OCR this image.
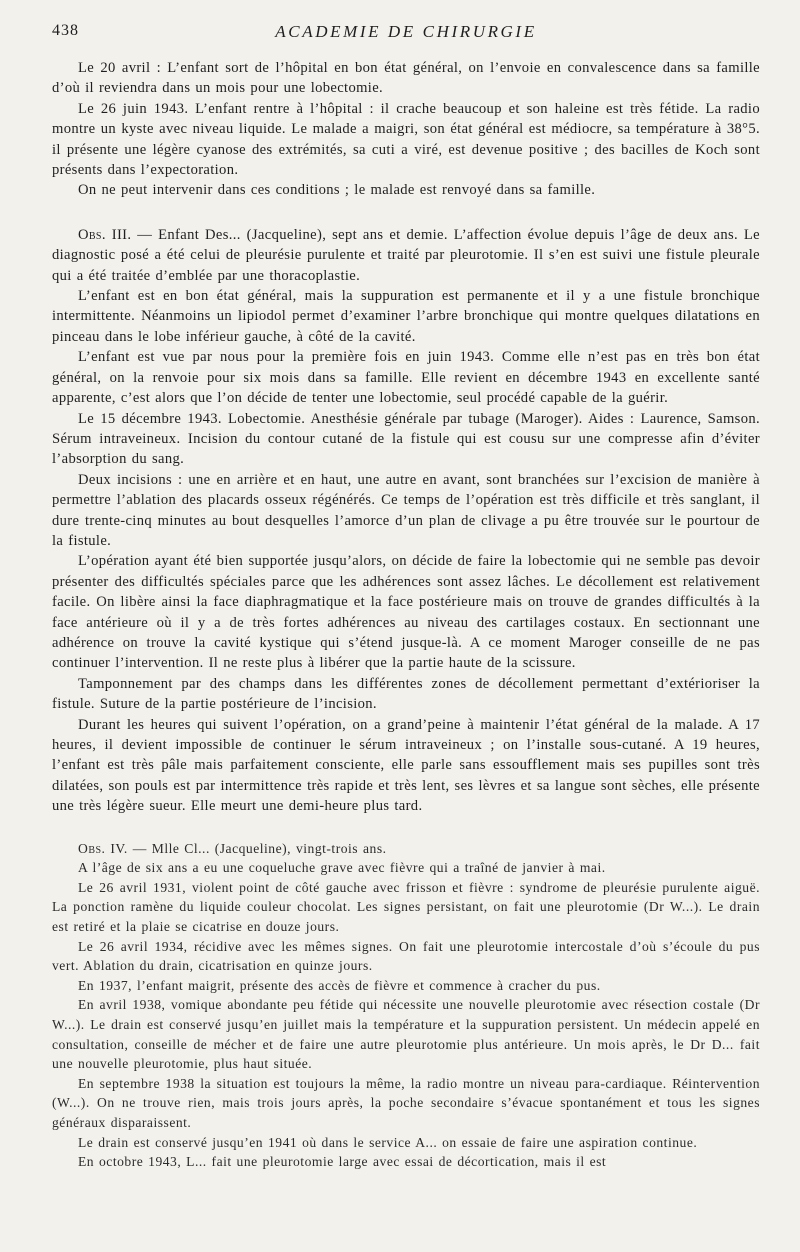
438	ACADEMIE DE CHIRURGIE

Le 20 avril : L’enfant sort de l’hôpital en bon état général, on l’envoie en convalescence dans sa famille d’où il reviendra dans un mois pour une lobectomie.

Le 26 juin 1943. L’enfant rentre à l’hôpital : il crache beaucoup et son haleine est très fétide. La radio montre un kyste avec niveau liquide. Le malade a maigri, son état général est médiocre, sa température à 38°5. il présente une légère cyanose des extrémités, sa cuti a viré, est devenue positive ; des bacilles de Koch sont présents dans l’expectoration.

On ne peut intervenir dans ces conditions ; le malade est renvoyé dans sa famille.

Obs. III. — Enfant Des... (Jacqueline), sept ans et demie. L’affection évolue depuis l’âge de deux ans. Le diagnostic posé a été celui de pleurésie purulente et traité par pleurotomie. Il s’en est suivi une fistule pleurale qui a été traitée d’emblée par une thoracoplastie.

L’enfant est en bon état général, mais la suppuration est permanente et il y a une fistule bronchique intermittente. Néanmoins un lipiodol permet d’examiner l’arbre bronchique qui montre quelques dilatations en pinceau dans le lobe inférieur gauche, à côté de la cavité.

L’enfant est vue par nous pour la première fois en juin 1943. Comme elle n’est pas en très bon état général, on la renvoie pour six mois dans sa famille. Elle revient en décembre 1943 en excellente santé apparente, c’est alors que l’on décide de tenter une lobectomie, seul procédé capable de la guérir.

Le 15 décembre 1943. Lobectomie. Anesthésie générale par tubage (Maroger). Aides : Laurence, Samson. Sérum intraveineux. Incision du contour cutané de la fistule qui est cousu sur une compresse afin d’éviter l’absorption du sang.

Deux incisions : une en arrière et en haut, une autre en avant, sont branchées sur l’excision de manière à permettre l’ablation des placards osseux régénérés. Ce temps de l’opération est très difficile et très sanglant, il dure trente-cinq minutes au bout desquelles l’amorce d’un plan de clivage a pu être trouvée sur le pourtour de la fistule.

L’opération ayant été bien supportée jusqu’alors, on décide de faire la lobectomie qui ne semble pas devoir présenter des difficultés spéciales parce que les adhérences sont assez lâches. Le décollement est relativement facile. On libère ainsi la face diaphragmatique et la face postérieure mais on trouve de grandes difficultés à la face antérieure où il y a de très fortes adhérences au niveau des cartilages costaux. En sectionnant une adhérence on trouve la cavité kystique qui s’étend jusque-là. A ce moment Maroger conseille de ne pas continuer l’intervention. Il ne reste plus à libérer que la partie haute de la scissure.

Tamponnement par des champs dans les différentes zones de décollement permettant d’extérioriser la fistule. Suture de la partie postérieure de l’incision.

Durant les heures qui suivent l’opération, on a grand’peine à maintenir l’état général de la malade. A 17 heures, il devient impossible de continuer le sérum intraveineux ; on l’installe sous-cutané. A 19 heures, l’enfant est très pâle mais parfaitement consciente, elle parle sans essoufflement mais ses pupilles sont très dilatées, son pouls est par intermittence très rapide et très lent, ses lèvres et sa langue sont sèches, elle présente une très légère sueur. Elle meurt une demi-heure plus tard.

Obs. IV. — Mlle Cl... (Jacqueline), vingt-trois ans.

A l’âge de six ans a eu une coqueluche grave avec fièvre qui a traîné de janvier à mai.

Le 26 avril 1931, violent point de côté gauche avec frisson et fièvre : syndrome de pleurésie purulente aiguë. La ponction ramène du liquide couleur chocolat. Les signes persistant, on fait une pleurotomie (Dr W...). Le drain est retiré et la plaie se cicatrise en douze jours.

Le 26 avril 1934, récidive avec les mêmes signes. On fait une pleurotomie intercostale d’où s’écoule du pus vert. Ablation du drain, cicatrisation en quinze jours.

En 1937, l’enfant maigrit, présente des accès de fièvre et commence à cracher du pus.

En avril 1938, vomique abondante peu fétide qui nécessite une nouvelle pleurotomie avec résection costale (Dr W...). Le drain est conservé jusqu’en juillet mais la température et la suppuration persistent. Un médecin appelé en consultation, conseille de mécher et de faire une autre pleurotomie plus antérieure. Un mois après, le Dr D... fait une nouvelle pleurotomie, plus haut située.

En septembre 1938 la situation est toujours la même, la radio montre un niveau para-cardiaque. Réintervention (W...). On ne trouve rien, mais trois jours après, la poche secondaire s’évacue spontanément et tous les signes généraux disparaissent.

Le drain est conservé jusqu’en 1941 où dans le service A... on essaie de faire une aspiration continue.

En octobre 1943, L... fait une pleurotomie large avec essai de décortication, mais il est
